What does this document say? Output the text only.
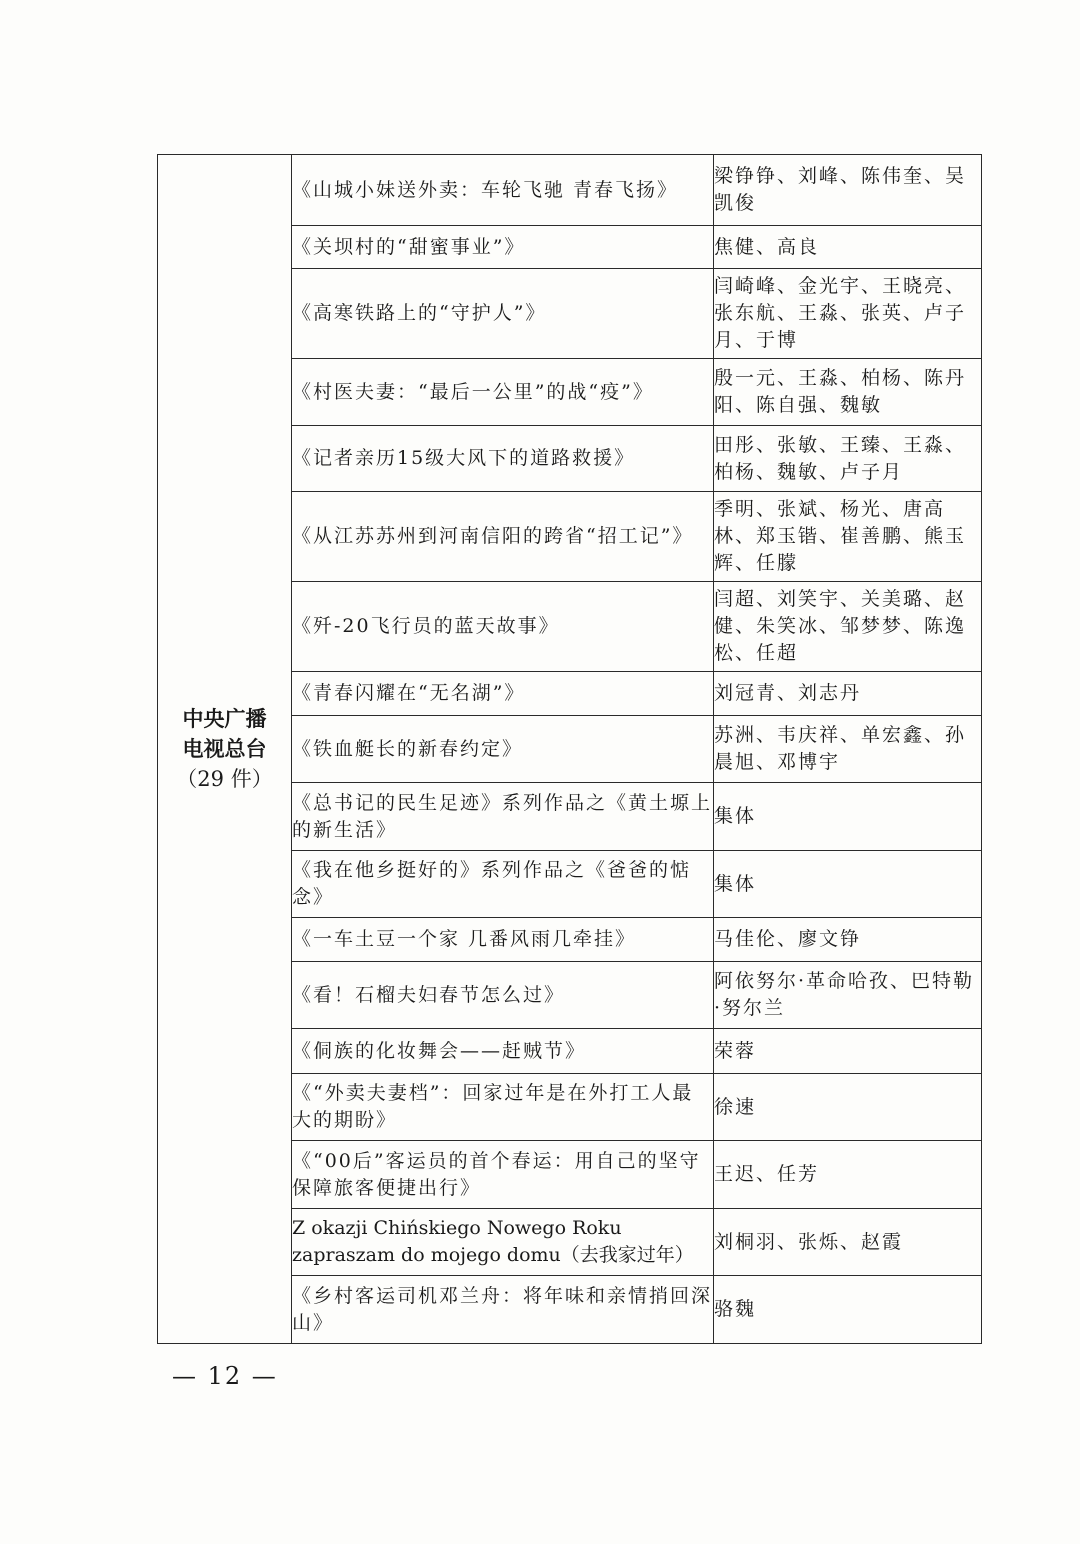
中央广播
电视总台
（29 件）	《山城小妹送外卖：车轮飞驰 青春飞扬》	梁铮铮、刘峰、陈伟奎、吴凯俊
	《关坝村的“甜蜜事业”》	焦健、高良
	《高寒铁路上的“守护人”》	闫崎峰、金光宇、王晓亮、张东航、王淼、张英、卢子月、于博
	《村医夫妻：“最后一公里”的战“疫”》	殷一元、王淼、柏杨、陈丹阳、陈自强、魏敏
	《记者亲历15级大风下的道路救援》	田彤、张敏、王臻、王淼、柏杨、魏敏、卢子月
	《从江苏苏州到河南信阳的跨省“招工记”》	季明、张斌、杨光、唐高林、郑玉锴、崔善鹏、熊玉辉、任朦
	《歼-20飞行员的蓝天故事》	闫超、刘笑宇、关美璐、赵健、朱笑冰、邹梦梦、陈逸松、任超
	《青春闪耀在“无名湖”》	刘冠青、刘志丹
	《铁血艇长的新春约定》	苏洲、韦庆祥、单宏鑫、孙晨旭、邓博宇
	《总书记的民生足迹》系列作品之《黄土塬上的新生活》	集体
	《我在他乡挺好的》系列作品之《爸爸的惦念》	集体
	《一车土豆一个家 几番风雨几牵挂》	马佳伦、廖文铮
	《看！石榴夫妇春节怎么过》	阿依努尔·革命哈孜、巴特勒·努尔兰
	《侗族的化妆舞会——赶贼节》	荣蓉
	《“外卖夫妻档”：回家过年是在外打工人最大的期盼》	徐速
	《“00后”客运员的首个春运：用自己的坚守保障旅客便捷出行》	王迟、任芳
	Z okazji Chińskiego Nowego Roku zapraszam do mojego domu（去我家过年）	刘桐羽、张烁、赵霞
	《乡村客运司机邓兰舟：将年味和亲情捎回深山》	骆魏
— 12 —
